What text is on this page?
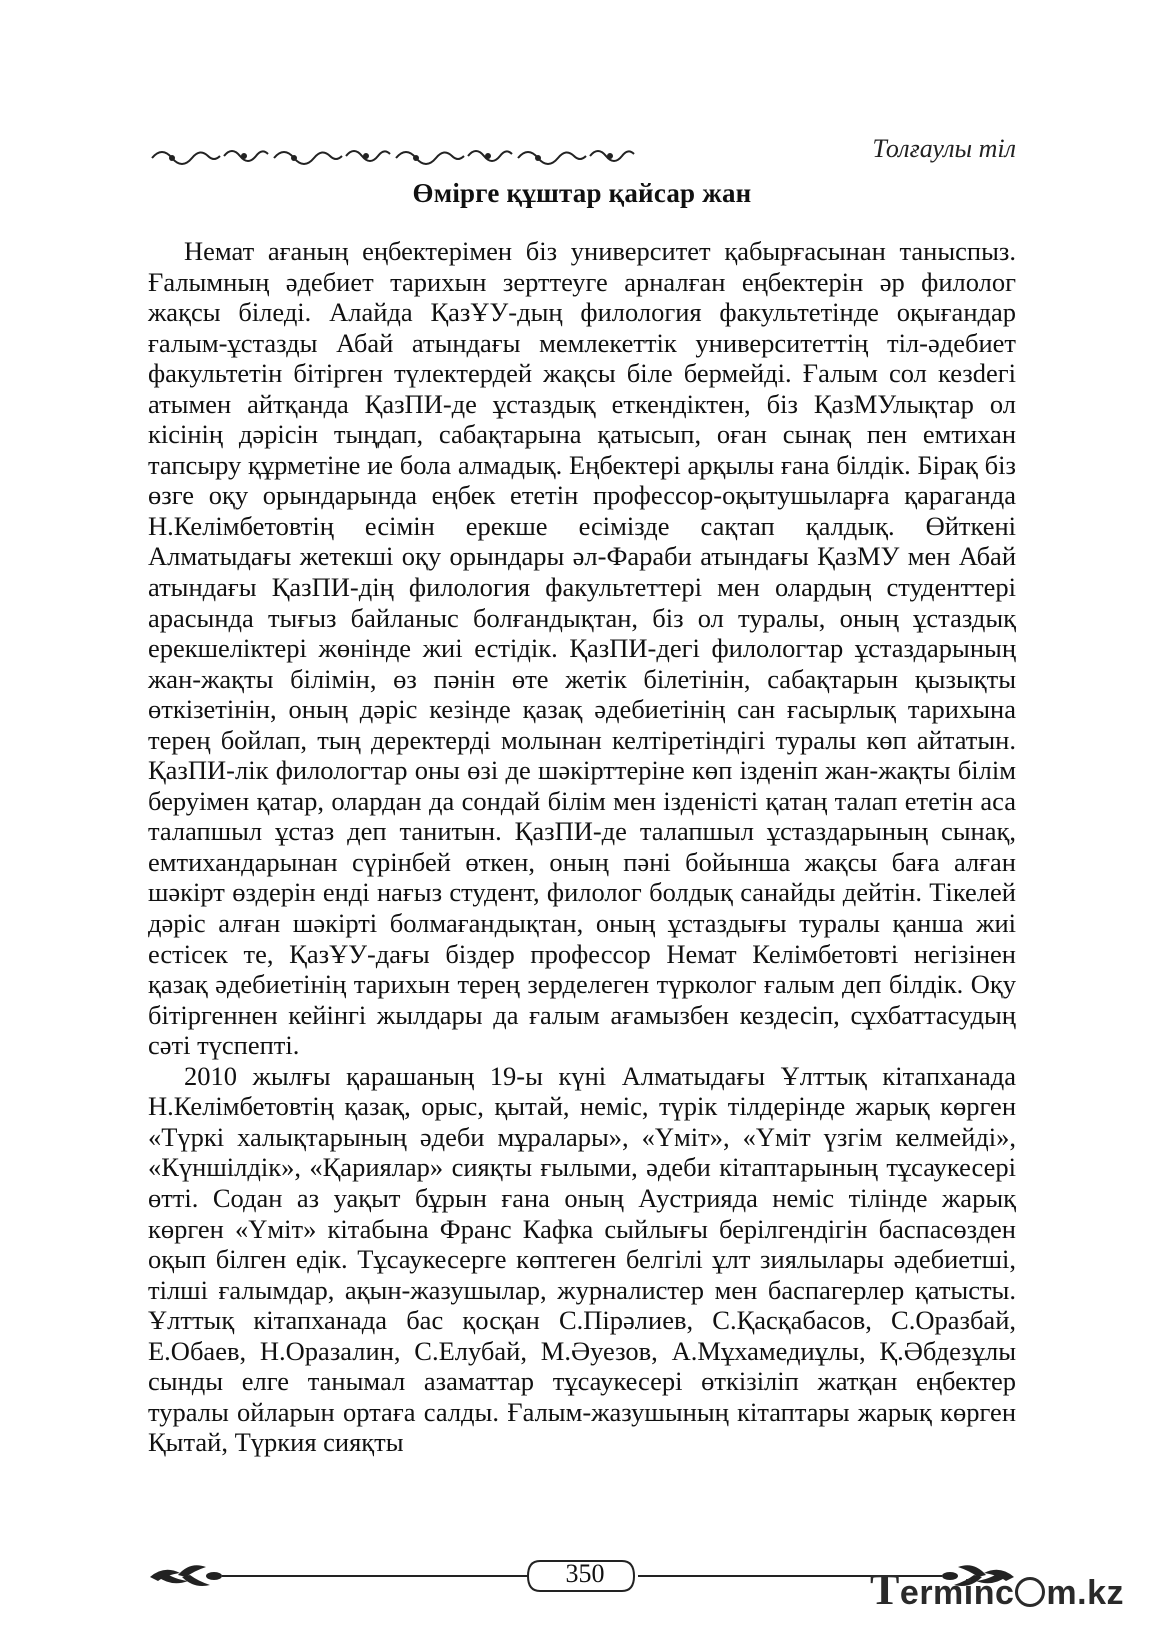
Толғаулы тіл
Өмірге құштар қайсар жан

Немат ағаның еңбектерімен біз университет қабырғасынан таныспыз. Ғалымның әдебиет тарихын зерттеуге арналған еңбектерін әр филолог жақсы біледі. Алайда ҚазҰУ-дың филология факультетінде оқығандар ғалым-ұстазды Абай атындағы мемлекеттік университеттің тіл-әдебиет факультетін бітірген түлектердей жақсы біле бермейді. Ғалым сол кезdегі атымен айтқанда ҚазПИ-де ұстаздық еткендіктен, біз ҚазМУлықтар ол кісінің дәрісін тыңдап, сабақтарына қатысып, оған сынақ пен емтихан тапсыру құрметіне ие бола алмадық. Еңбектері арқылы ғана білдік. Бірақ біз өзге оқу орындарында еңбек ететін профессор-оқытушыларға қараганда Н.Келімбетовтің есімін ерекше есімізде сақтап қалдық. Өйткені Алматыдағы жетекші оқу орындары әл-Фараби атындағы ҚазМУ мен Абай атындағы ҚазПИ-дің филология факультеттері мен олардың студенттері арасында тығыз байланыс болғандықтан, біз ол туралы, оның ұстаздық ерекшеліктері жөнінде жиі естідік. ҚазПИ-дегі филологтар ұстаздарының жан-жақты білімін, өз пәнін өте жетік білетінін, сабақтарын қызықты өткізетінін, оның дәріс кезінде қазақ әдебиетінің сан ғасырлық тарихына терең бойлап, тың деректерді молынан келтіретіндігі туралы көп айтатын. ҚазПИ-лік филологтар оны өзі де шәкірттеріне көп ізденіп жан-жақты білім беруімен қатар, олардан да сондай білім мен ізденісті қатаң талап ететін аса талапшыл ұстаз деп танитын. ҚазПИ-де талапшыл ұстаздарының сынақ, емтихандарынан сүрінбей өткен, оның пәні бойынша жақсы баға алған шәкірт өздерін енді нағыз студент, филолог болдық санайды дейтін. Тікелей дәріс алған шәкірті болмағандықтан, оның ұстаздығы туралы қанша жиі естісек те, ҚазҰУ-дағы біздер профессор Немат Келімбетовті негізінен қазақ әдебиетінің тарихын терең зерделеген түрколог ғалым деп білдік. Оқу бітіргеннен кейінгі жылдары да ғалым ағамызбен кездесіп, сұхбаттасудың сәті түспепті.

2010 жылғы қарашаның 19-ы күні Алматыдағы Ұлттық кітапханада Н.Келімбетовтің қазақ, орыс, қытай, неміс, түрік тілдерінде жарық көрген «Түркі халықтарының әдеби мұралары», «Үміт», «Үміт үзгім келмейді», «Күншілдік», «Қариялар» сияқты ғылыми, әдеби кітаптарының тұсаукесері өтті. Содан аз уақыт бұрын ғана оның Аустрияда неміс тілінде жарық көрген «Үміт» кітабына Франс Кафка сыйлығы берілгендігін баспасөзден оқып білген едік. Тұсаукесерге көптеген белгілі ұлт зиялылары әдебиетші, тілші ғалымдар, ақын-жазушылар, журналистер мен баспагерлер қатысты. Ұлттық кітапханада бас қосқан С.Пірәлиев, С.Қасқабасов, С.Оразбай, Е.Обаев, Н.Оразалин, С.Елубай, М.Әуезов, А.Мұхамедиұлы, Қ.Әбдезұлы сынды елге танымал азаматтар тұсаукесері өткізіліп жатқан еңбектер туралы ойларын ортаға салды. Ғалым-жазушының кітаптары жарық көрген Қытай, Түркия сияқты

350	Terminc m.kz
